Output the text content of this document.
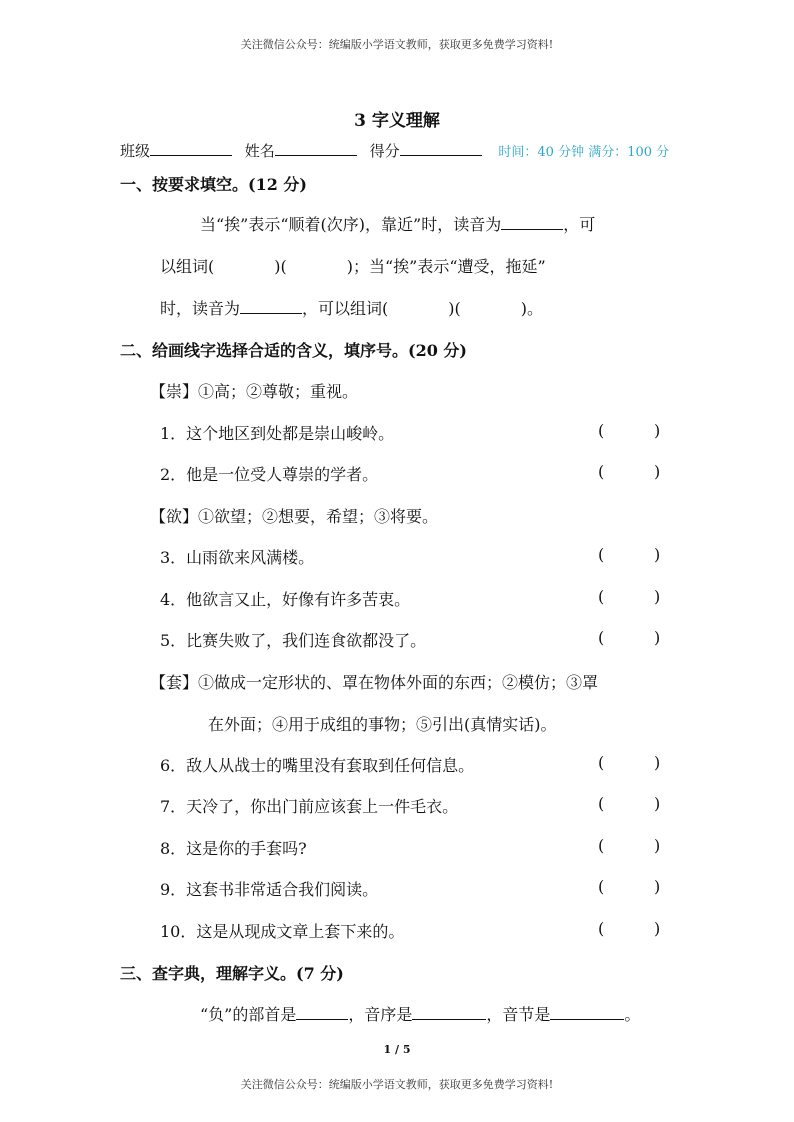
关注微信公众号：统编版小学语文教师，获取更多免费学习资料!
3 字义理解
班级	姓名	得分	时间：40 分钟 满分：100 分
一、按要求填空。(12 分)
当“挨”表示“顺着(次序)，靠近”时，读音为	，可
以组词(	)(	)；当“挨”表示“遭受，拖延”
时，读音为	，可以组词(	)(	)。
二、给画线字选择合适的含义，填序号。(20 分)
【崇】①高；②尊敬；重视。
1．这个地区到处都是崇山峻岭。	(	)
2．他是一位受人尊崇的学者。	(	)
【欲】①欲望；②想要，希望；③将要。
3．山雨欲来风满楼。	(	)
4．他欲言又止，好像有许多苦衷。	(	)
5．比赛失败了，我们连食欲都没了。	(	)
【套】①做成一定形状的、罩在物体外面的东西；②模仿；③罩
在外面；④用于成组的事物；⑤引出(真情实话)。
6．敌人从战士的嘴里没有套取到任何信息。	(	)
7．天冷了，你出门前应该套上一件毛衣。	(	)
8．这是你的手套吗?	(	)
9．这套书非常适合我们阅读。	(	)
10．这是从现成文章上套下来的。	(	)
三、查字典，理解字义。(7 分)
“负”的部首是	，音序是	，音节是	。
1 / 5
关注微信公众号：统编版小学语文教师，获取更多免费学习资料!
